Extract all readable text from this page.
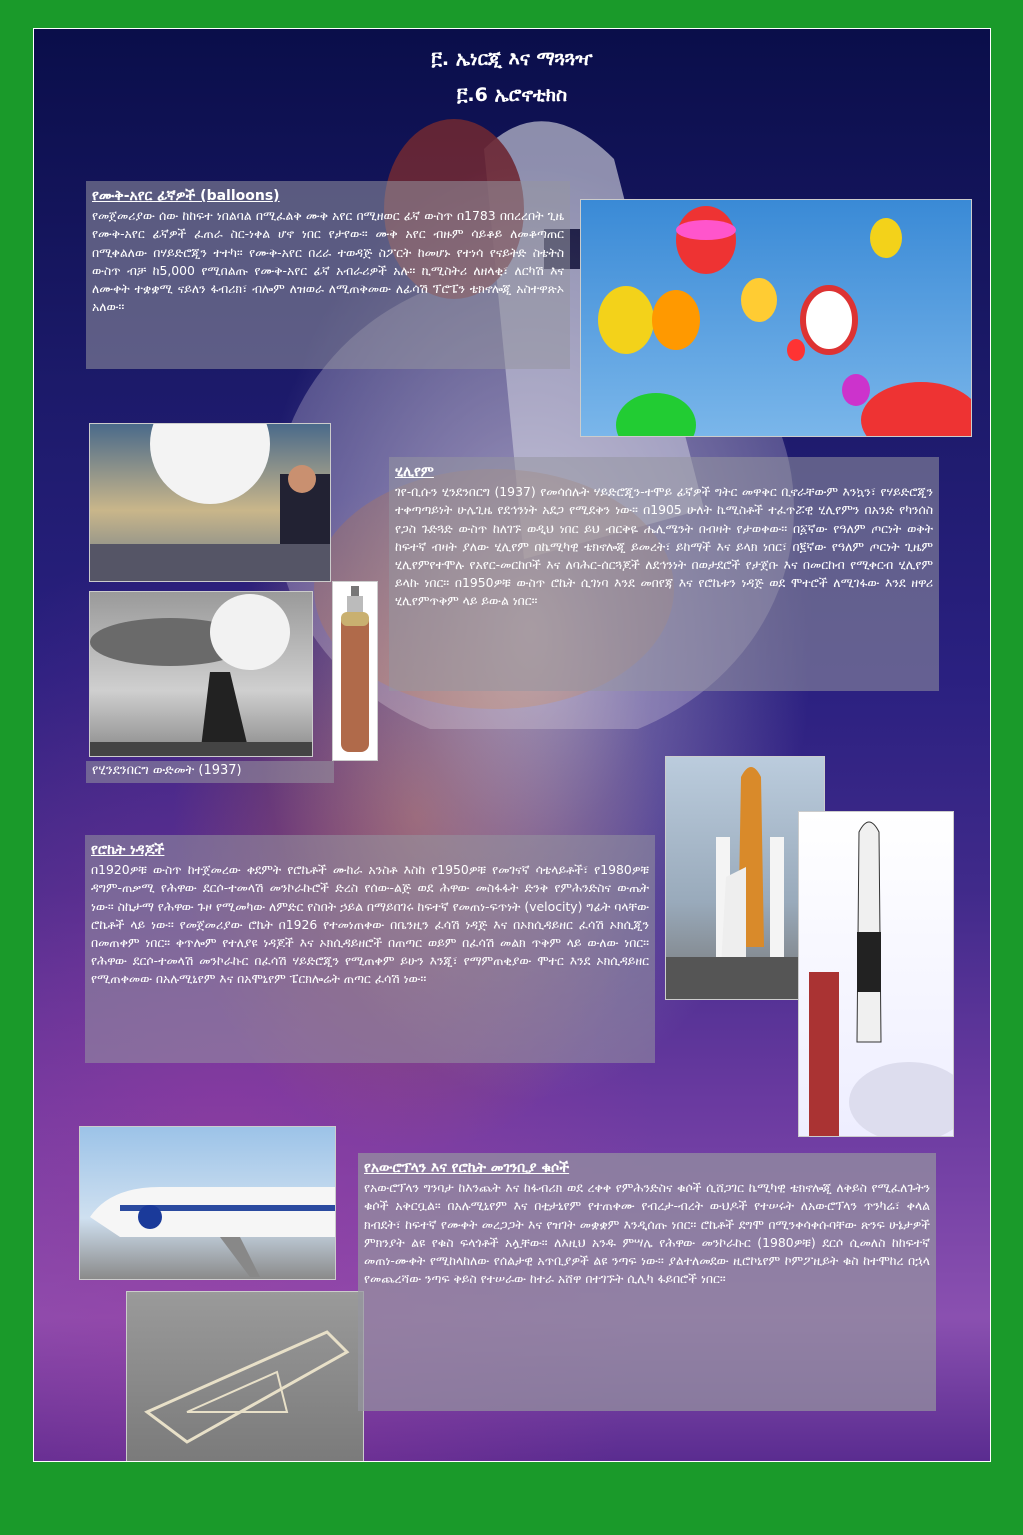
፫. ኤነርጂ እና ማጓጓዣ
፫.6 ኤሮኖቲክስ
የሙቅ-አየር ፊኛዎች (balloons)
የመጀመሪያው ሰው ከከፍተ ነበልባል በሚፈልቅ ሙቅ አየር በሚዘወር ፊኛ ውስጥ በ1783 በበረረበት ጊዜ የሙቅ-አየር ፊኛዎች ፈጠራ ስር-ነቀል ሆኖ ነበር የታየው፡፡ ሙቅ አየር ብዙም ሳይቆይ ለመቆጣጠር በሚቀልለው በሃይድሮጂን ተተካ፡፡ የሙቅ-አየር በረራ ተወዳጅ ስፖርት ከመሆኑ የተነሳ የናይትድ ስቴትስ ውስጥ ብቻ ከ5,000 የሚበልጡ የሙቅ-አየር ፊኛ አብራሪዎች አሉ፡፡ ኪሚስትሪ ለዘላቂ፣ ለርካሽ እና ለሙቀት ተቋቋሚ ናይለን ፋብሪክ፣ ብሎም ለዝወራ ለሚጠቅመው ለፊሳሽ ፕሮፔን ቴክኖሎጂ አስተዋጽኦ አለው፡፡
የሂንደንበርግ ውድመት (1937)
ሂሊየም
ገየ-ቢሱን ሂንደንበርግ (1937) የመሳሰሉት ሃይድሮጂን-ተሞይ ፊኛዎች ግትር መዋቅር ቢኖራቸውም እንኳን፣ የሃይድሮጂን ተቀጣጣይነት ሁሌጊዜ የደኅንነት አደጋ የሚደቅን ነው፡፡ በ1905 ሁለት ኬሚስቶች ተፈጥሯዊ ሂሊየምን በአንድ የካንሰስ የጋስ ጉድጓድ ውስጥ ከለገኙ ወዲህ ነበር ይህ ብርቅዬ ሔሊሜንት በብዛት የታወቀው፡፡ በ፩ኛው የዓለም ጦርነት ወቅት ከፍተኛ ብዛት ያለው ሂሊየም በኬሚካዊ ቴክኖሎጂ ይመረት፣ ይከማች እና ይላክ ነበር፣ በ፪ኛው የዓለም ጦርነት ጊዜም ሂሊየምየተሞሉ የአየር-መርከቦች እና ለባሕር-ሰርጓጆች ለደኅንነት በወታደሮች የታጀቡ እና በመርከብ የሚቀርብ ሂሊየም ይላኩ ነበር፡፡ በ1950ዎቹ ውስጥ ሮኬት ሲገነባ እንደ መበየጃ እና የሮኬቱን ነዳጅ ወደ ሞተሮች ለሚገፋው እንደ ዘዋሪ ሂሊየምጥቅም ላይ ይውል ነበር፡፡
የሮኬት ነዳጆች
በ1920ዎቹ ውስጥ ከተጀመረው ቀደምት የሮኬቶች ሙከራ አንስቶ እስከ የ1950ዎቹ የመገናኛ ሳቴላይቶች፣ የ1980ዎቹ ዳግም-ጠቃሚ የሕዋው ደርሶ-ተመላሽ መንኮራኩሮች ድረስ የሰው-ልጅ ወደ ሕዋው መስፋፋት ድንቅ የምሕንድስና ውጤት ነው፡፡ ስኬታማ የሕዋው ጉዞ የሚመካው ለምድር የስበት ኃይል በማይበገሩ ከፍተኛ የመጠነ-ፍጥነት (velocity) ግፊት ባላቸው ሮኬቶች ላይ ነው፡፡ የመጀመሪያው ሮኬት በ1926 የተመነጠቀው በቤንዚን ፈሳሽ ነዳጅ እና በኦክሲዳይዘር ፈሳሽ ኦክሲጂን በመጠቀም ነበር፡፡ ቀጥሎም የተለያዩ ነዳጆች እና ኦክሲዳይዘሮች በጠጣር ወይም በፈሳሽ መልክ ጥቅም ላይ ውለው ነበር፡፡ የሕዋው ደርሶ-ተመላሽ መንኮራኩር በፈሳሽ ሃይድሮጂን የሚጠቀም ይሁን እንጂ፣ የማምጠቂያው ሞተር እንደ ኦክሲዳይዘር የሚጠቀመው በአሉሚኒየም እና በአሞኒየም ፔርክሎሬት ጠጣር ፈሳሽ ነው፡፡
የአውሮፕላን እና የሮኬት መገንቢያ ቁሶች
የአውሮፕላን ግንባታ ከእንጨት እና ከፋብሪክ ወደ ረቀቀ የምሕንድስና ቁሶች ሲሸጋገር ኬሚካዊ ቴክኖሎጂ ለቅይስ የሚፈለጉትን ቁሶች አቅርቧል፡፡ በአሉሚኒየም እና በቲታኒየም የተጠቀሙ የብረታ-ብረት ውህዶች የተሠሩት ለአውሮፕላን ጥንካሬ፣ ቀላል ክብደት፣ ከፍተኛ የሙቀት መረጋጋት እና የዝገት መቋቋም እንዲሰጡ ነበር፡፡ ሮኬቶች ደግሞ በሚንቀሳቀሱባቸው ጽንፍ ሁኔታዎች ምክንያት ልዩ የቁስ ፍላጎቶች አሏቸው፡፡ ለእዚህ አንዱ ምሣሌ የሕዋው መንኮራኩር (1980ዎቹ) ደርሶ ሲመለስ ከከፍተኛ መጠነ-ሙቀት የሚከላከለው የሰልታዊ አጥቢያዎች ልዩ ንጣፍ ነው፡፡ ያልተለመደው ዚሮኮኒየም ኮምፖዚይት ቁስ ከተሞከረ በኋላ የመጨረሻው ንጣፍ ቅይስ የተሠራው ከተራ አሸዋ በተገኙት ሲሊካ ፋይበሮች ነበር፡፡
